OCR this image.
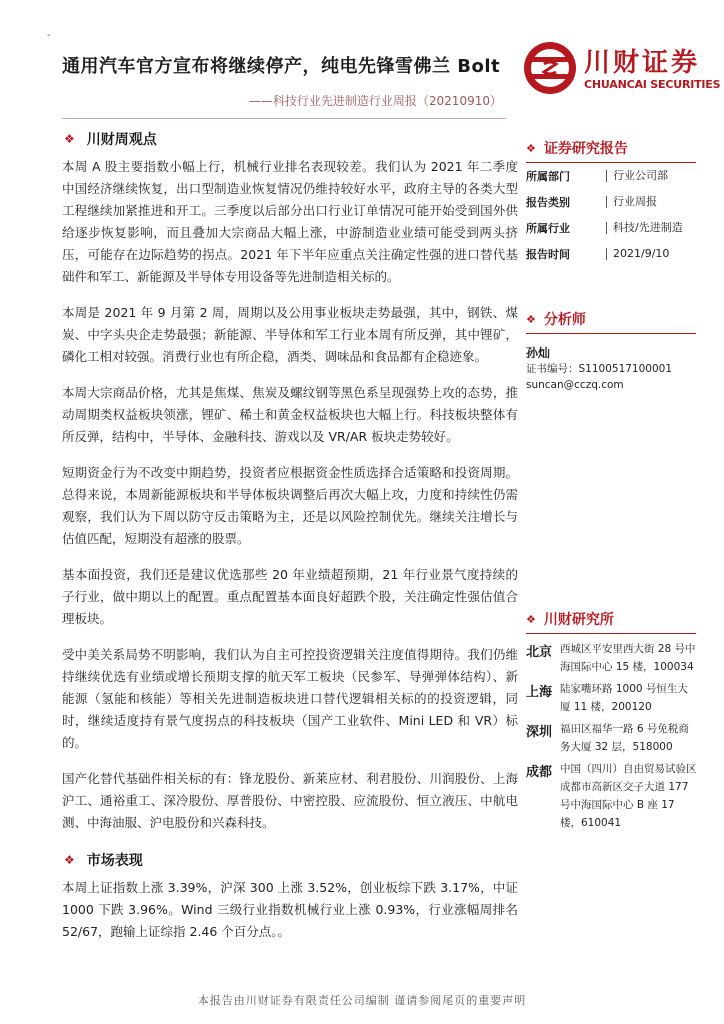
-
通用汽车官方宣布将继续停产，纯电先锋雪佛兰 Bolt
——科技行业先进制造行业周报（20210910）
川财证券
CHUANCAI SECURITIES
❖ 川财周观点

本周 A 股主要指数小幅上行，机械行业排名表现较差。我们认为 2021 年二季度中国经济继续恢复，出口型制造业恢复情况仍维持较好水平，政府主导的各类大型工程继续加紧推进和开工。三季度以后部分出口行业订单情况可能开始受到国外供给逐步恢复影响，而且叠加大宗商品大幅上涨，中游制造业业绩可能受到两头挤压，可能存在边际趋势的拐点。2021 年下半年应重点关注确定性强的进口替代基础件和军工、新能源及半导体专用设备等先进制造相关标的。

本周是 2021 年 9 月第 2 周，周期以及公用事业板块走势最强，其中，钢铁、煤炭、中字头央企走势最强；新能源、半导体和军工行业本周有所反弹，其中锂矿，磷化工相对较强。消费行业也有所企稳，酒类、调味品和食品都有企稳迹象。

本周大宗商品价格，尤其是焦煤、焦炭及螺纹钢等黑色系呈现强势上攻的态势，推动周期类权益板块领涨，锂矿、稀土和黄金权益板块也大幅上行。科技板块整体有所反弹，结构中，半导体、金融科技、游戏以及 VR/AR 板块走势较好。

短期资金行为不改变中期趋势，投资者应根据资金性质选择合适策略和投资周期。总得来说，本周新能源板块和半导体板块调整后再次大幅上攻，力度和持续性仍需观察，我们认为下周以防守反击策略为主，还是以风险控制优先。继续关注增长与估值匹配，短期没有超涨的股票。

基本面投资，我们还是建议优选那些 20 年业绩超预期，21 年行业景气度持续的子行业，做中期以上的配置。重点配置基本面良好超跌个股，关注确定性强估值合理板块。

受中美关系局势不明影响，我们认为自主可控投资逻辑关注度值得期待。我们仍维持继续优选有业绩或增长预期支撑的航天军工板块（民参军、导弹弹体结构）、新能源（氢能和核能）等相关先进制造板块进口替代逻辑相关标的的投资逻辑，同时，继续适度持有景气度拐点的科技板块（国产工业软件、Mini LED 和 VR）标的。

国产化替代基础件相关标的有：锋龙股份、新莱应材、利君股份、川润股份、上海沪工、通裕重工、深冷股份、厚普股份、中密控股、应流股份、恒立液压、中航电测、中海油服、沪电股份和兴森科技。

❖ 市场表现

本周上证指数上涨 3.39%，沪深 300 上涨 3.52%，创业板综下跌 3.17%，中证 1000 下跌 3.96%。Wind 三级行业指数机械行业上涨 0.93%，行业涨幅周排名 52/67，跑输上证综指 2.46 个百分点。。

❖ 证券研究报告
所属部门	行业公司部
报告类别	行业周报
所属行业	科技/先进制造
报告时间	2021/9/10
❖ 分析师
孙灿
证书编号：S1100517100001
suncan@cczq.com
❖ 川财研究所
北京 西城区平安里西大街 28 号中海国际中心 15 楼，100034
上海 陆家嘴环路 1000 号恒生大厦 11 楼，200120
深圳 福田区福华一路 6 号免税商务大厦 32 层，518000
成都 中国（四川）自由贸易试验区成都市高新区交子大道 177 号中海国际中心 B 座 17 楼，610041
本报告由川财证券有限责任公司编制 谨请参阅尾页的重要声明
